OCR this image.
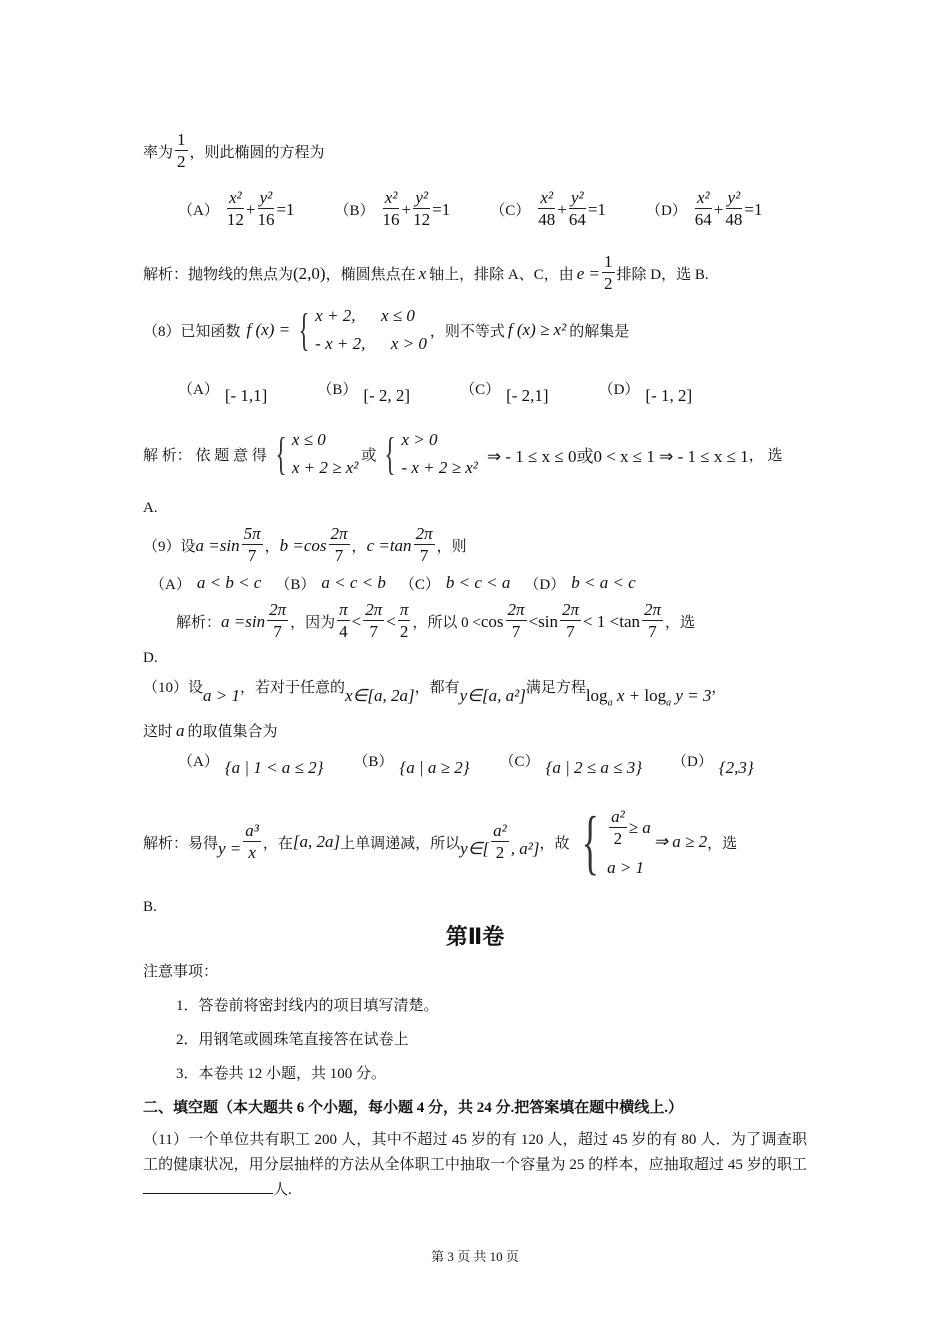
率为 $\frac{1}{2}$ ，则此椭圆的方程为
$(A) \frac{\text{x²}}{12} + \frac{\text{y²}}{16} =1$	$(B) \frac{\text{x²}}{16} + \frac{\text{y²}}{12} =1$	$(C) \frac{\text{x²}}{48} + \frac{\text{y²}}{64} =1$	$(D) \frac{\text{x²}}{64} + \frac{\text{y²}}{48} =1$
解析：抛物线的焦点为 (2,0) ，椭圆焦点在 x 轴上，排除 A、C，由 $e = \frac{1}{2}$ 排除 D，选 B.
（8）已知函数 f (x) = { x + 2,      x ≤ 0
- x + 2,      x > 0
，则不等式 f (x) ≥ x² 的解集是
（A） [- 1,1]	（B） [- 2, 2]	（C） [- 2,1]	（D） [- 1, 2]
解 析： 依 题 意 得 { x ≤ 0
x + 2 ≥ x²
或 { x > 0
- x + 2 ≥ x²
⇒ - 1 ≤ x ≤ 0或0 < x ≤ 1 ⇒ - 1 ≤ x ≤ 1 ， 选
A.
（9）设 $a =\sin \frac{5\pi}{7}$ ， $b =\cos \frac{2\pi}{7}$ ， $c =\tan \frac{2\pi}{7}$ ，则
（A） a < b < c （B） a < c < b （C） b < c < a （D） b < a < c
解析： $a =\sin \frac{2\pi}{7}$ ，因为 $\frac{\pi}{4} < \frac{2\pi}{7} < \frac{\pi}{2}$ ，所以 $0 < \cos \frac{2\pi}{7} < \sin \frac{2\pi}{7} < 1 < \tan \frac{2\pi}{7}$ ，选
D.
（10）设 a > 1 ，若对于任意的 x∈[a, 2a] ，都有 y∈[a, a²] 满足方程 $\log_a x + \log_a y = 3$ ，
这时 a 的取值集合为
（A） {a | 1 < a ≤ 2} （B） {a | a ≥ 2} （C） {a | 2 ≤ a ≤ 3} （D） {2,3}
解析：易得 $y = \frac{\text{a³}}{x}$ ，在 [a, 2a] 上单调递减，所以 y∈[ $\frac{\text{a²}}{2}$ , a²] ，故 { $\frac{\text{a²}}{2} \ge a$
a > 1
⇒ a ≥ 2 ，选
B.
第Ⅱ卷
注意事项：
1．答卷前将密封线内的项目填写清楚。
2．用钢笔或圆珠笔直接答在试卷上
3．本卷共 12 小题，共 100 分。
二、填空题（本大题共 6 个小题，每小题 4 分，共 24 分.把答案填在题中横线上.）
（11）一个单位共有职工 200 人，其中不超过 45 岁的有 120 人，超过 45 岁的有 80 人．为了调查职工的健康状况，用分层抽样的方法从全体职工中抽取一个容量为 25 的样本，应抽取超过 45 岁的职工人.
第 3 页 共 10 页
